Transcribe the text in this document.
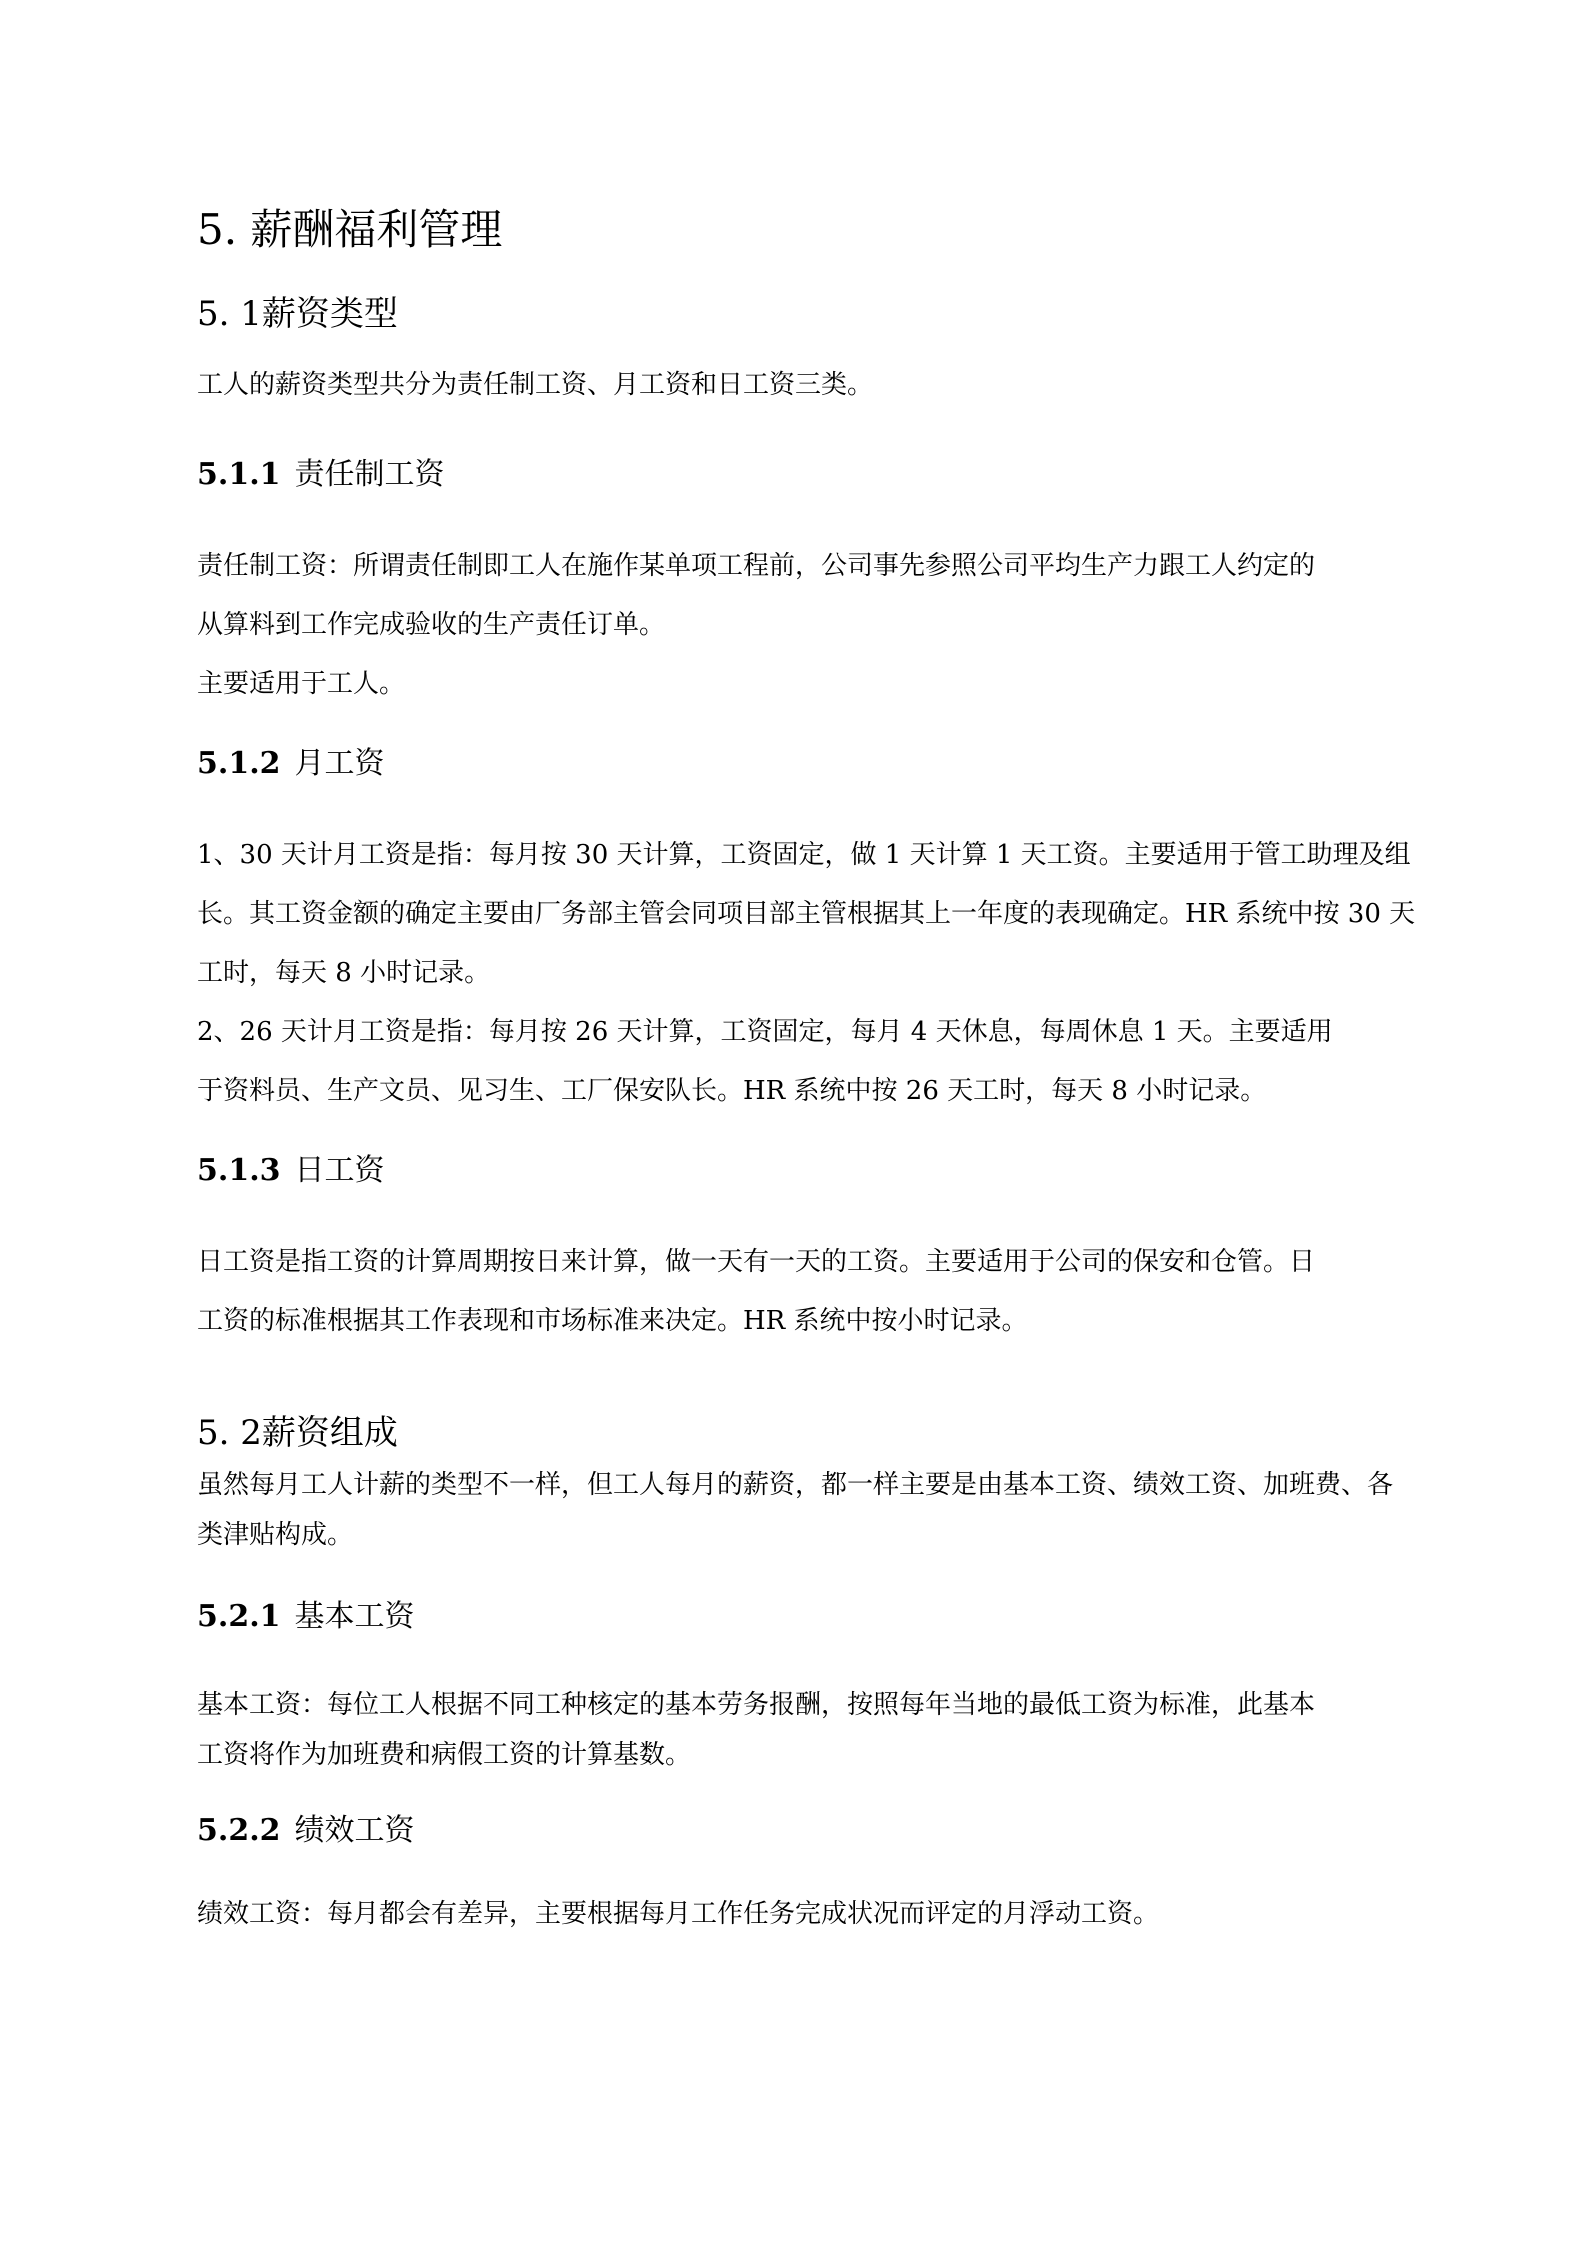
5. 薪酬福利管理
5. 1薪资类型

工人的薪资类型共分为责任制工资、月工资和日工资三类。

5.1.1 责任制工资
责任制工资：所谓责任制即工人在施作某单项工程前，公司事先参照公司平均生产力跟工人约定的
从算料到工作完成验收的生产责任订单。
主要适用于工人。
5.1.2 月工资
1、30 天计月工资是指：每月按 30 天计算，工资固定，做 1 天计算 1 天工资。主要适用于管工助理及组
长。其工资金额的确定主要由厂务部主管会同项目部主管根据其上一年度的表现确定。HR 系统中按 30 天
工时，每天 8 小时记录。
2、26 天计月工资是指：每月按 26 天计算，工资固定，每月 4 天休息，每周休息 1 天。主要适用
于资料员、生产文员、见习生、工厂保安队长。HR 系统中按 26 天工时，每天 8 小时记录。
5.1.3 日工资
日工资是指工资的计算周期按日来计算，做一天有一天的工资。主要适用于公司的保安和仓管。日
工资的标准根据其工作表现和市场标准来决定。HR 系统中按小时记录。
5. 2薪资组成
虽然每月工人计薪的类型不一样，但工人每月的薪资，都一样主要是由基本工资、绩效工资、加班费、各
类津贴构成。
5.2.1 基本工资
基本工资：每位工人根据不同工种核定的基本劳务报酬，按照每年当地的最低工资为标准，此基本
工资将作为加班费和病假工资的计算基数。
5.2.2 绩效工资
绩效工资：每月都会有差异，主要根据每月工作任务完成状况而评定的月浮动工资。
